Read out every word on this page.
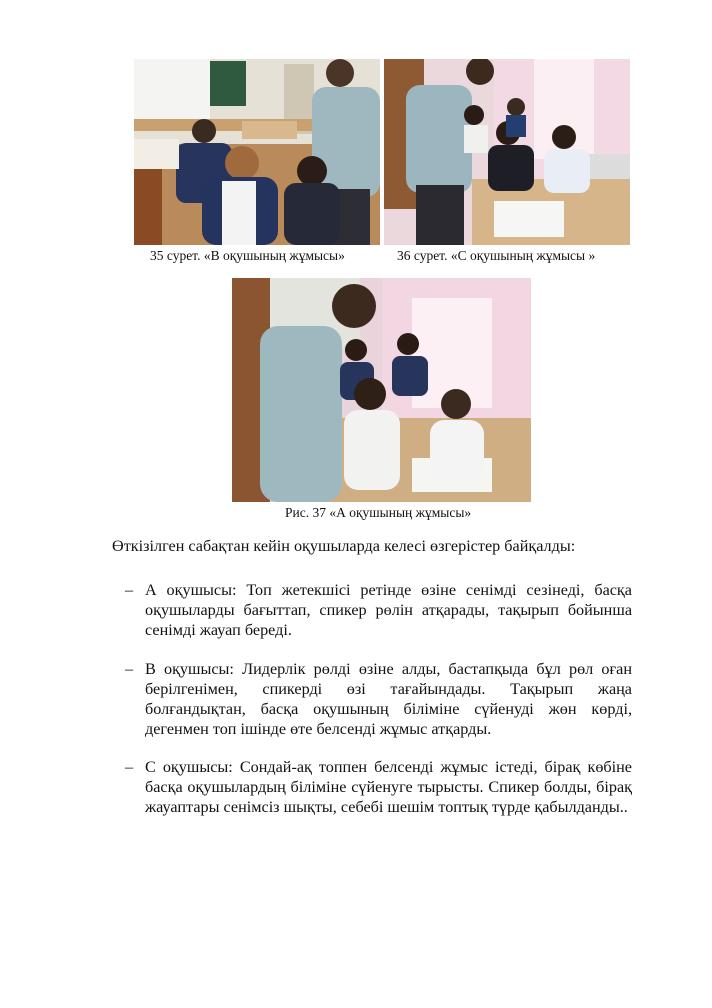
35 сурет. «В оқушының жұмысы»	36 сурет. «С оқушының жұмысы »
Рис. 37 «А оқушының жұмысы»
Өткізілген сабақтан кейін оқушыларда келесі өзгерістер байқалды:
– А оқушысы: Топ жетекшісі ретінде өзіне сенімді сезінеді, басқа оқушыларды бағыттап, спикер рөлін атқарады, тақырып бойынша сенімді жауап береді.
– В оқушысы: Лидерлік рөлді өзіне алды, бастапқыда бұл рөл оған берілгенімен, спикерді өзі тағайындады. Тақырып жаңа болғандықтан, басқа оқушының біліміне сүйенуді жөн көрді, дегенмен топ ішінде өте белсенді жұмыс атқарды.
– С оқушысы: Сондай-ақ топпен белсенді жұмыс істеді, бірақ көбіне басқа оқушылардың біліміне сүйенуге тырысты. Спикер болды, бірақ жауаптары сенімсіз шықты, себебі шешім топтық түрде қабылданды..
